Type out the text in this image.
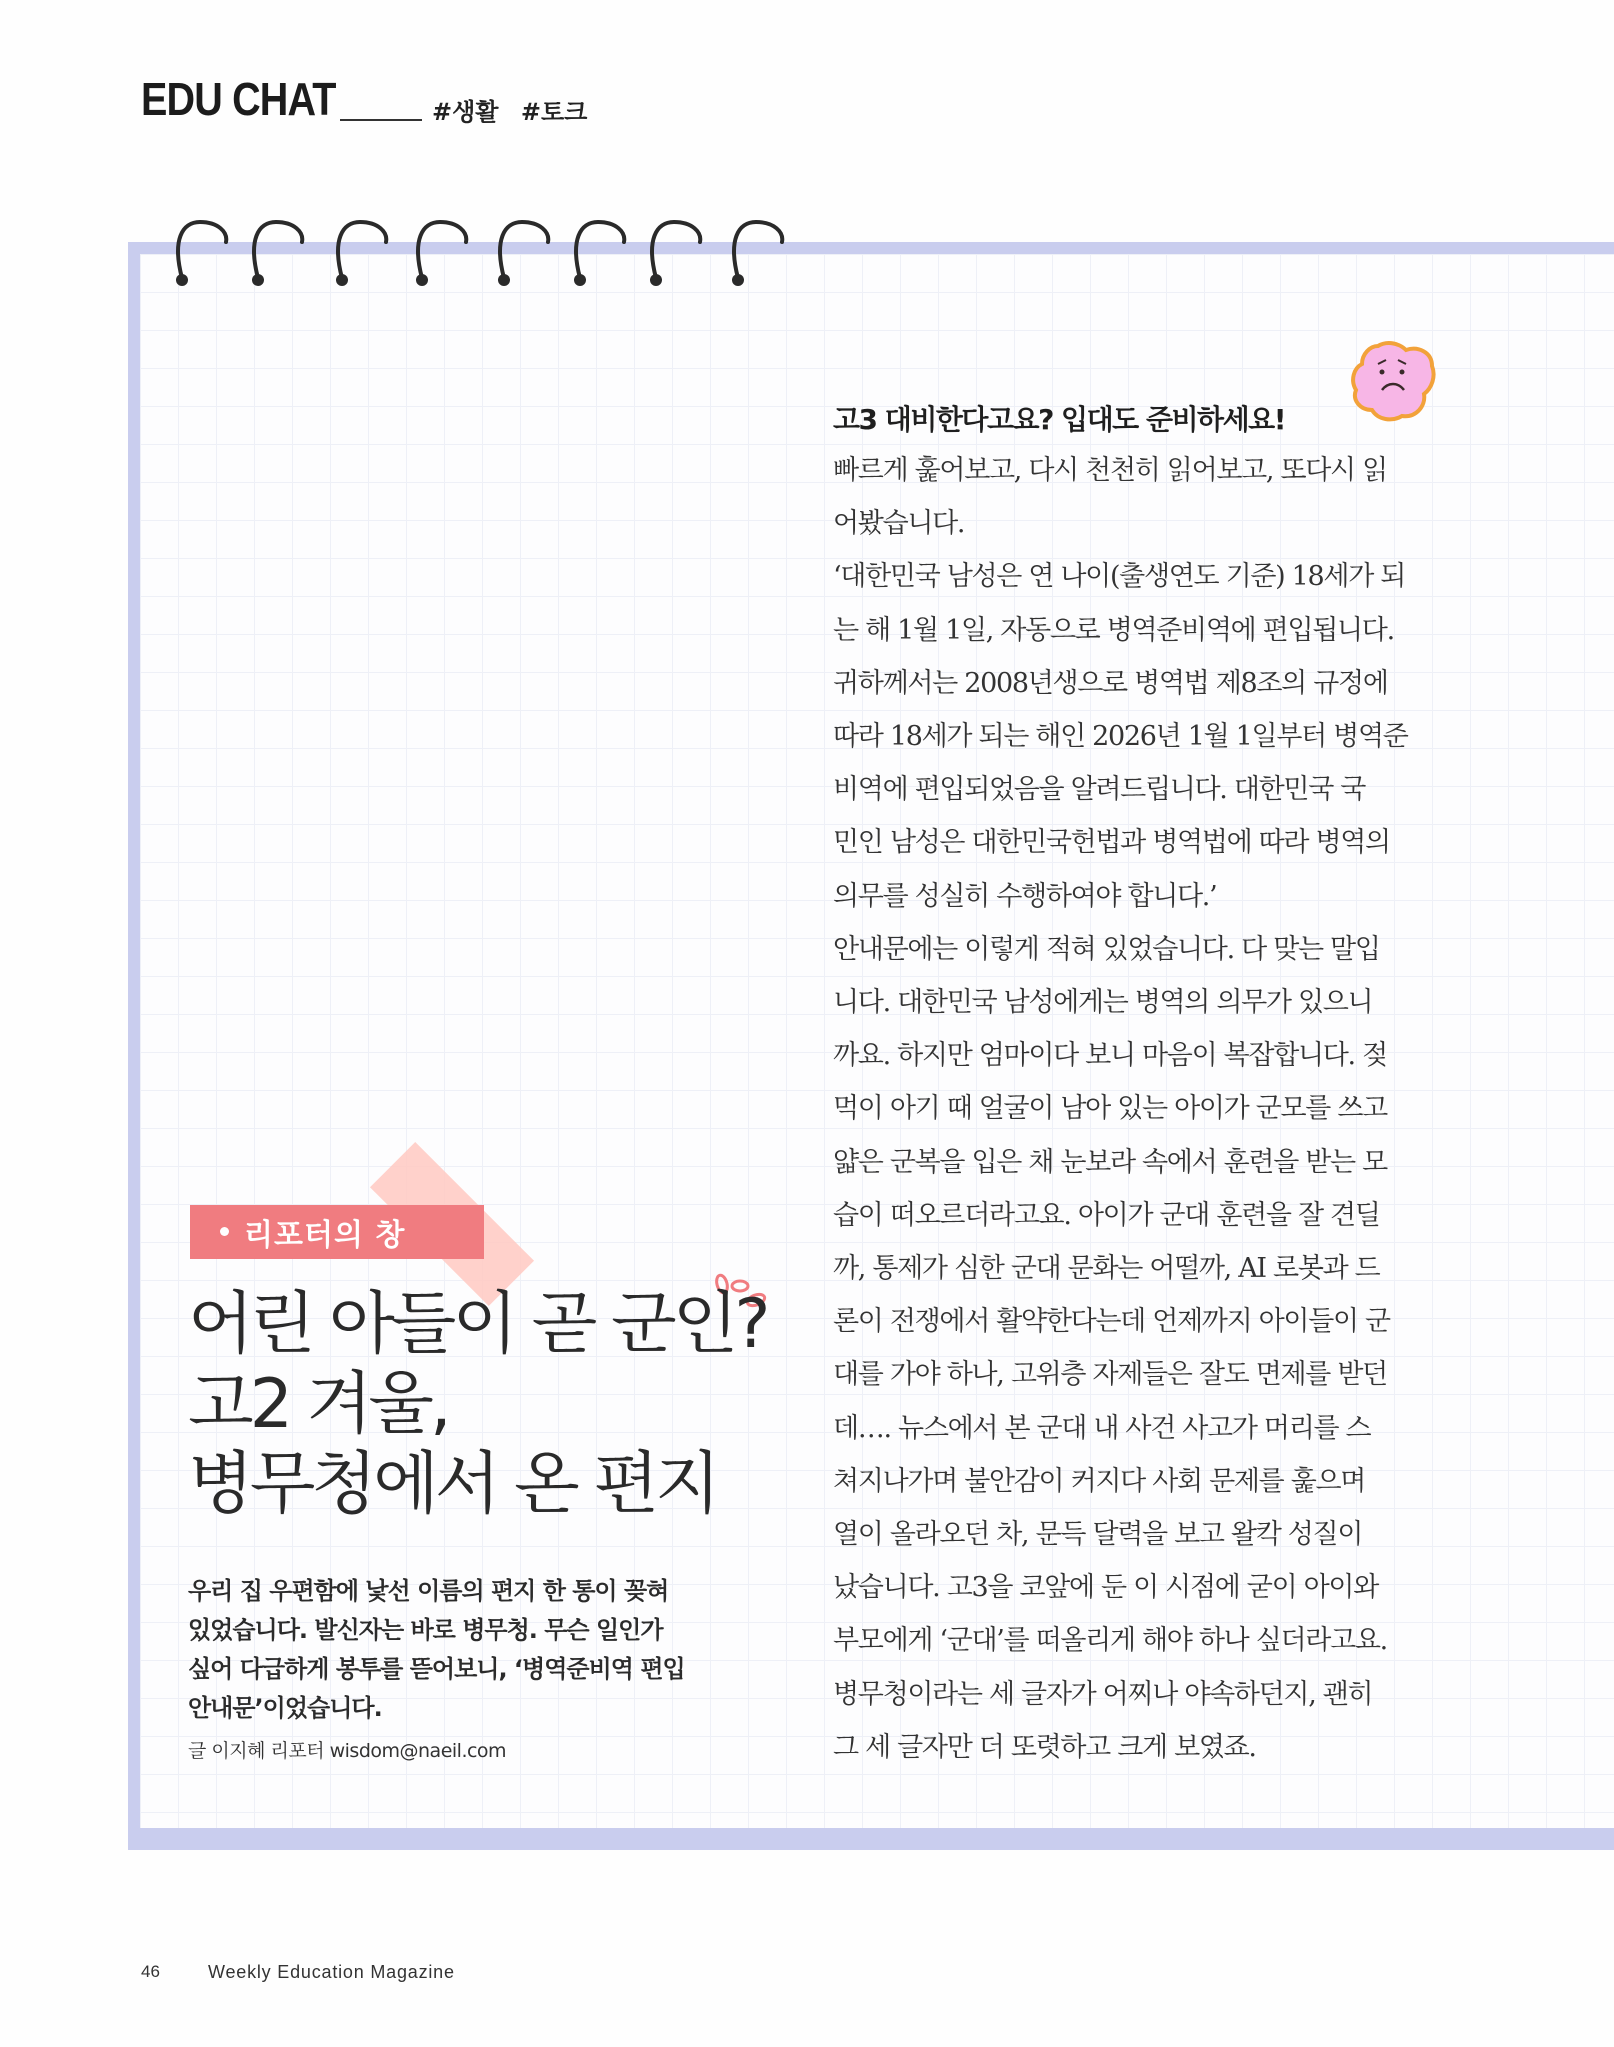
EDU CHAT	#생활 #토크
리포터의 창
어린 아들이 곧 군인?
고2 겨울,
병무청에서 온 편지
우리 집 우편함에 낯선 이름의 편지 한 통이 꽂혀
있었습니다. 발신자는 바로 병무청. 무슨 일인가
싶어 다급하게 봉투를 뜯어보니, ‘병역준비역 편입
안내문’이었습니다.
글 이지혜 리포터 wisdom@naeil.com
고3 대비한다고요? 입대도 준비하세요!
빠르게 훑어보고, 다시 천천히 읽어보고, 또다시 읽
어봤습니다.
‘대한민국 남성은 연 나이(출생연도 기준) 18세가 되
는 해 1월 1일, 자동으로 병역준비역에 편입됩니다.
귀하께서는 2008년생으로 병역법 제8조의 규정에
따라 18세가 되는 해인 2026년 1월 1일부터 병역준
비역에 편입되었음을 알려드립니다. 대한민국 국
민인 남성은 대한민국헌법과 병역법에 따라 병역의
의무를 성실히 수행하여야 합니다.’
안내문에는 이렇게 적혀 있었습니다. 다 맞는 말입
니다. 대한민국 남성에게는 병역의 의무가 있으니
까요. 하지만 엄마이다 보니 마음이 복잡합니다. 젖
먹이 아기 때 얼굴이 남아 있는 아이가 군모를 쓰고
얇은 군복을 입은 채 눈보라 속에서 훈련을 받는 모
습이 떠오르더라고요. 아이가 군대 훈련을 잘 견딜
까, 통제가 심한 군대 문화는 어떨까, AI 로봇과 드
론이 전쟁에서 활약한다는데 언제까지 아이들이 군
대를 가야 하나, 고위층 자제들은 잘도 면제를 받던
데…. 뉴스에서 본 군대 내 사건 사고가 머리를 스
쳐지나가며 불안감이 커지다 사회 문제를 훑으며
열이 올라오던 차, 문득 달력을 보고 왈칵 성질이
났습니다. 고3을 코앞에 둔 이 시점에 굳이 아이와
부모에게 ‘군대’를 떠올리게 해야 하나 싶더라고요.
병무청이라는 세 글자가 어찌나 야속하던지, 괜히
그 세 글자만 더 또렷하고 크게 보였죠.
46	Weekly Education Magazine
